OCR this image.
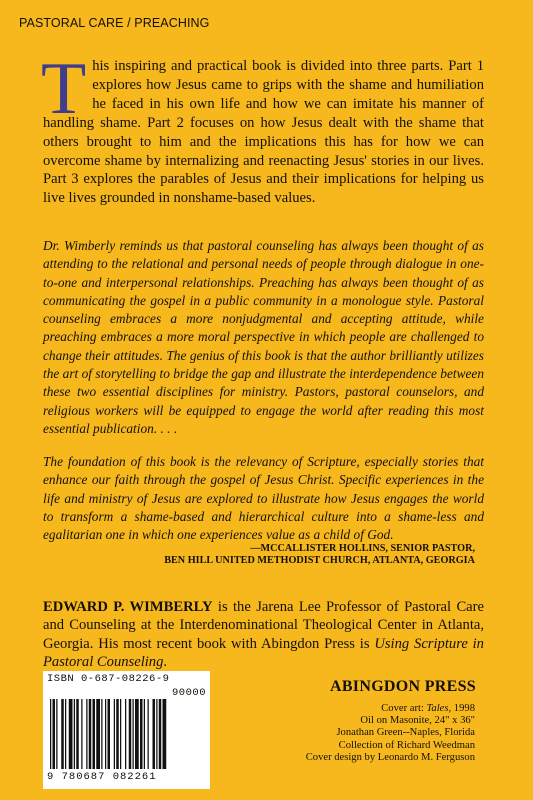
PASTORAL CARE / PREACHING
This inspiring and practical book is divided into three parts. Part 1 explores how Jesus came to grips with the shame and humiliation he faced in his own life and how we can imitate his manner of handling shame. Part 2 focuses on how Jesus dealt with the shame that others brought to him and the implications this has for how we can overcome shame by internalizing and reenacting Jesus' stories in our lives. Part 3 explores the parables of Jesus and their implications for helping us live lives grounded in nonshame-based values.
Dr. Wimberly reminds us that pastoral counseling has always been thought of as attending to the relational and personal needs of people through dialogue in one-to-one and interpersonal relationships. Preaching has always been thought of as communicating the gospel in a public community in a monologue style. Pastoral counseling embraces a more nonjudgmental and accepting attitude, while preaching embraces a more moral perspective in which people are challenged to change their attitudes. The genius of this book is that the author brilliantly utilizes the art of storytelling to bridge the gap and illustrate the interdependence between these two essential disciplines for ministry. Pastors, pastoral counselors, and religious workers will be equipped to engage the world after reading this most essential publication. . . .
The foundation of this book is the relevancy of Scripture, especially stories that enhance our faith through the gospel of Jesus Christ. Specific experiences in the life and ministry of Jesus are explored to illustrate how Jesus engages the world to transform a shame-based and hierarchical culture into a shame-less and egalitarian one in which one experiences value as a child of God.
—MCCALLISTER HOLLINS, SENIOR PASTOR,
BEN HILL UNITED METHODIST CHURCH, ATLANTA, GEORGIA
EDWARD P. WIMBERLY is the Jarena Lee Professor of Pastoral Care and Counseling at the Interdenominational Theological Center in Atlanta, Georgia. His most recent book with Abingdon Press is Using Scripture in Pastoral Counseling.
ISBN 0-687-08226-9
90000
9 780687 082261
ABINGDON PRESS
Cover art: Tales, 1998
Oil on Masonite, 24" x 36"
Jonathan Green--Naples, Florida
Collection of Richard Weedman
Cover design by Leonardo M. Ferguson
